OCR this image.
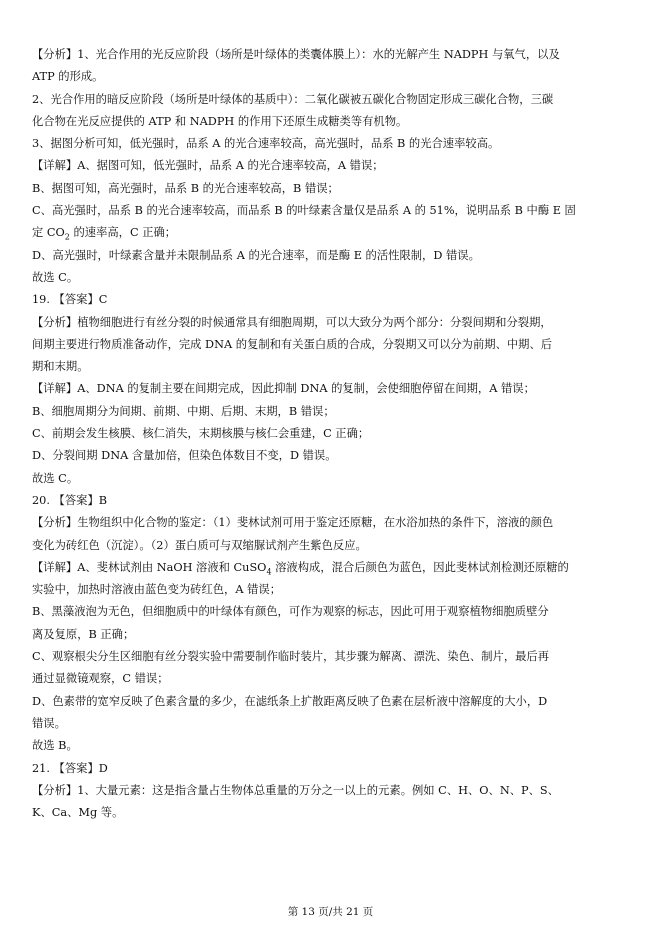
【分析】1、光合作用的光反应阶段（场所是叶绿体的类囊体膜上）：水的光解产生 NADPH 与氧气，以及

ATP 的形成。

2、光合作用的暗反应阶段（场所是叶绿体的基质中）：二氧化碳被五碳化合物固定形成三碳化合物，三碳

化合物在光反应提供的 ATP 和 NADPH 的作用下还原生成糖类等有机物。

3、据图分析可知，低光强时，品系 A 的光合速率较高，高光强时，品系 B 的光合速率较高。

【详解】A、据图可知，低光强时，品系 A 的光合速率较高，A 错误；

B、据图可知，高光强时，品系 B 的光合速率较高，B 错误；

C、高光强时，品系 B 的光合速率较高，而品系 B 的叶绿素含量仅是品系 A 的 51%，说明品系 B 中酶 E 固

定 $CO_2$ 的速率高，C 正确；

D、高光强时，叶绿素含量并未限制品系 A 的光合速率，而是酶 E 的活性限制，D 错误。

故选 C。

19. 【答案】C

【分析】植物细胞进行有丝分裂的时候通常具有细胞周期，可以大致分为两个部分：分裂间期和分裂期，

间期主要进行物质准备动作，完成 DNA 的复制和有关蛋白质的合成，分裂期又可以分为前期、中期、后

期和末期。

【详解】A、DNA 的复制主要在间期完成，因此抑制 DNA 的复制，会使细胞停留在间期，A 错误；

B、细胞周期分为间期、前期、中期、后期、末期，B 错误；

C、前期会发生核膜、核仁消失，末期核膜与核仁会重建，C 正确；

D、分裂间期 DNA 含量加倍，但染色体数目不变，D 错误。

故选 C。

20. 【答案】B

【分析】生物组织中化合物的鉴定：（1）斐林试剂可用于鉴定还原糖，在水浴加热的条件下，溶液的颜色

变化为砖红色（沉淀）。（2）蛋白质可与双缩脲试剂产生紫色反应。

【详解】A、斐林试剂由 NaOH 溶液和 CuSO$_4$ 溶液构成，混合后颜色为蓝色，因此斐林试剂检测还原糖的

实验中，加热时溶液由蓝色变为砖红色，A 错误；

B、黑藻液泡为无色，但细胞质中的叶绿体有颜色，可作为观察的标志，因此可用于观察植物细胞质壁分

离及复原，B 正确；

C、观察根尖分生区细胞有丝分裂实验中需要制作临时装片，其步骤为解离、漂洗、染色、制片，最后再

通过显微镜观察，C 错误；

D、色素带的宽窄反映了色素含量的多少，在滤纸条上扩散距离反映了色素在层析液中溶解度的大小，D

错误。

故选 B。

21. 【答案】D

【分析】1、大量元素：这是指含量占生物体总重量的万分之一以上的元素。例如 C、H、O、N、P、S、

K、Ca、Mg 等。

第 13 页/共 21 页
